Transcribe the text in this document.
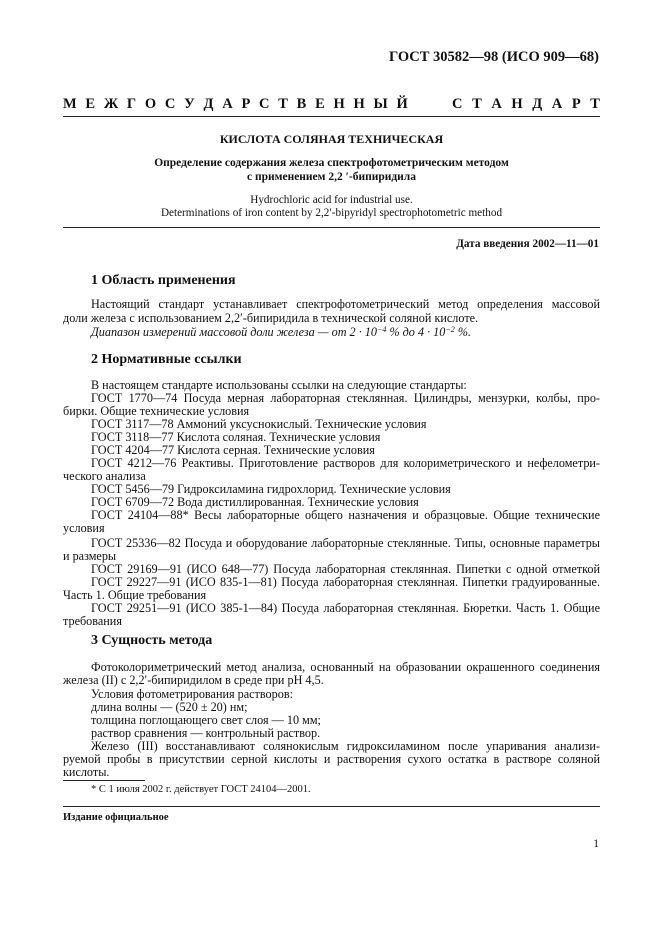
ГОСТ 30582—98 (ИСО 909—68)

М Е Ж Г О С У Д А Р С Т В Е Н Н Ы Й	С Т А Н Д А Р Т

КИСЛОТА СОЛЯНАЯ ТЕХНИЧЕСКАЯ

Определение содержания железа спектрофотометрическим методом

с применением 2,2 ′-бипиридила

Hydrochloric acid for industrial use.

Determinations of iron content by 2,2′-bipyridyl spectrophotometric method

Дата введения 2002—11—01

1 Область применения

Настоящий стандарт устанавливает спектрофотометрический метод определения массовой

доли железа с использованием 2,2′-бипиридила в технической соляной кислоте.

Диапазон измерений массовой доли железа — от $2 \cdot 10^{-4}$ % до $4 \cdot 10^{-2}$ %.

2 Нормативные ссылки

В настоящем стандарте использованы ссылки на следующие стандарты:

ГОСТ 1770—74 Посуда мерная лабораторная стеклянная. Цилиндры, мензурки, колбы, про-

бирки. Общие технические условия

ГОСТ 3117—78 Аммоний уксуснокислый. Технические условия

ГОСТ 3118—77 Кислота соляная. Технические условия

ГОСТ 4204—77 Кислота серная. Технические условия

ГОСТ 4212—76 Реактивы. Приготовление растворов для колориметрического и нефелометри-

ческого анализа

ГОСТ 5456—79 Гидроксиламина гидрохлорид. Технические условия

ГОСТ 6709—72 Вода дистиллированная. Технические условия

ГОСТ 24104—88* Весы лабораторные общего назначения и образцовые. Общие технические

условия

ГОСТ 25336—82 Посуда и оборудование лабораторные стеклянные. Типы, основные параметры

и размеры

ГОСТ 29169—91 (ИСО 648—77) Посуда лабораторная стеклянная. Пипетки с одной отметкой

ГОСТ 29227—91 (ИСО 835-1—81) Посуда лабораторная стеклянная. Пипетки градуированные.

Часть 1. Общие требования

ГОСТ 29251—91 (ИСО 385-1—84) Посуда лабораторная стеклянная. Бюретки. Часть 1. Общие

требования

3 Сущность метода

Фотоколориметрический метод анализа, основанный на образовании окрашенного соединения

железа (II) с 2,2′-бипиридилом в среде при pH 4,5.

Условия фотометрирования растворов:

длина волны — (520 ± 20) нм;

толщина поглощающего свет слоя — 10 мм;

раствор сравнения — контрольный раствор.

Железо (III) восстанавливают солянокислым гидроксиламином после упаривания анализи-

руемой пробы в присутствии серной кислоты и растворения сухого остатка в растворе соляной

кислоты.

* С 1 июля 2002 г. действует ГОСТ 24104—2001.

Издание официальное

1
